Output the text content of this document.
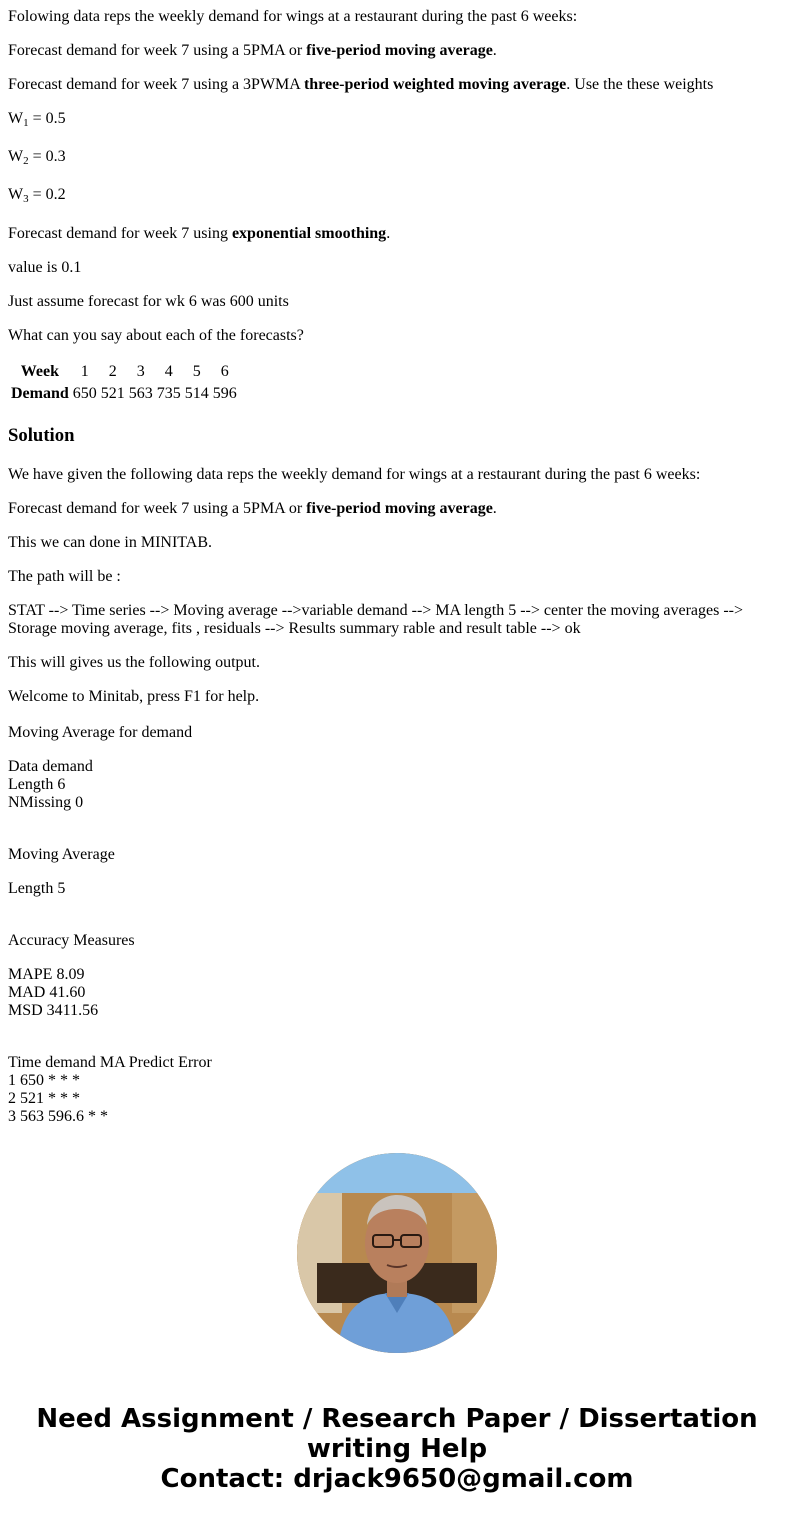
Folowing data reps the weekly demand for wings at a restaurant during the past 6 weeks:

Forecast demand for week 7 using a 5PMA or five-period moving average.

Forecast demand for week 7 using a 3PWMA three-period weighted moving average. Use the these weights

$W_1 = 0.5$

$W_2 = 0.3$

$W_3 = 0.2$

Forecast demand for week 7 using exponential smoothing.

value is 0.1

Just assume forecast for wk 6 was 600 units

What can you say about each of the forecasts?

Week	1	2	3	4	5	6
Demand	650	521	563	735	514	596
Solution

We have given the following data reps the weekly demand for wings at a restaurant during the past 6 weeks:

Forecast demand for week 7 using a 5PMA or five-period moving average.

This we can done in MINITAB.

The path will be :

STAT --> Time series --> Moving average -->variable demand --> MA length 5 --> center the moving averages --> Storage moving average, fits , residuals --> Results summary rable and result table --> ok

This will gives us the following output.

Welcome to Minitab, press F1 for help.

Moving Average for demand

Data demand
Length 6
NMissing 0

Moving Average

Length 5

Accuracy Measures

MAPE 8.09
MAD 41.60
MSD 3411.56
Time demand MA Predict Error
1 650 * * *
2 521 * * *
3 563 596.6 * *
Need Assignment / Research Paper / Dissertation
writing Help
Contact: drjack9650@gmail.com
